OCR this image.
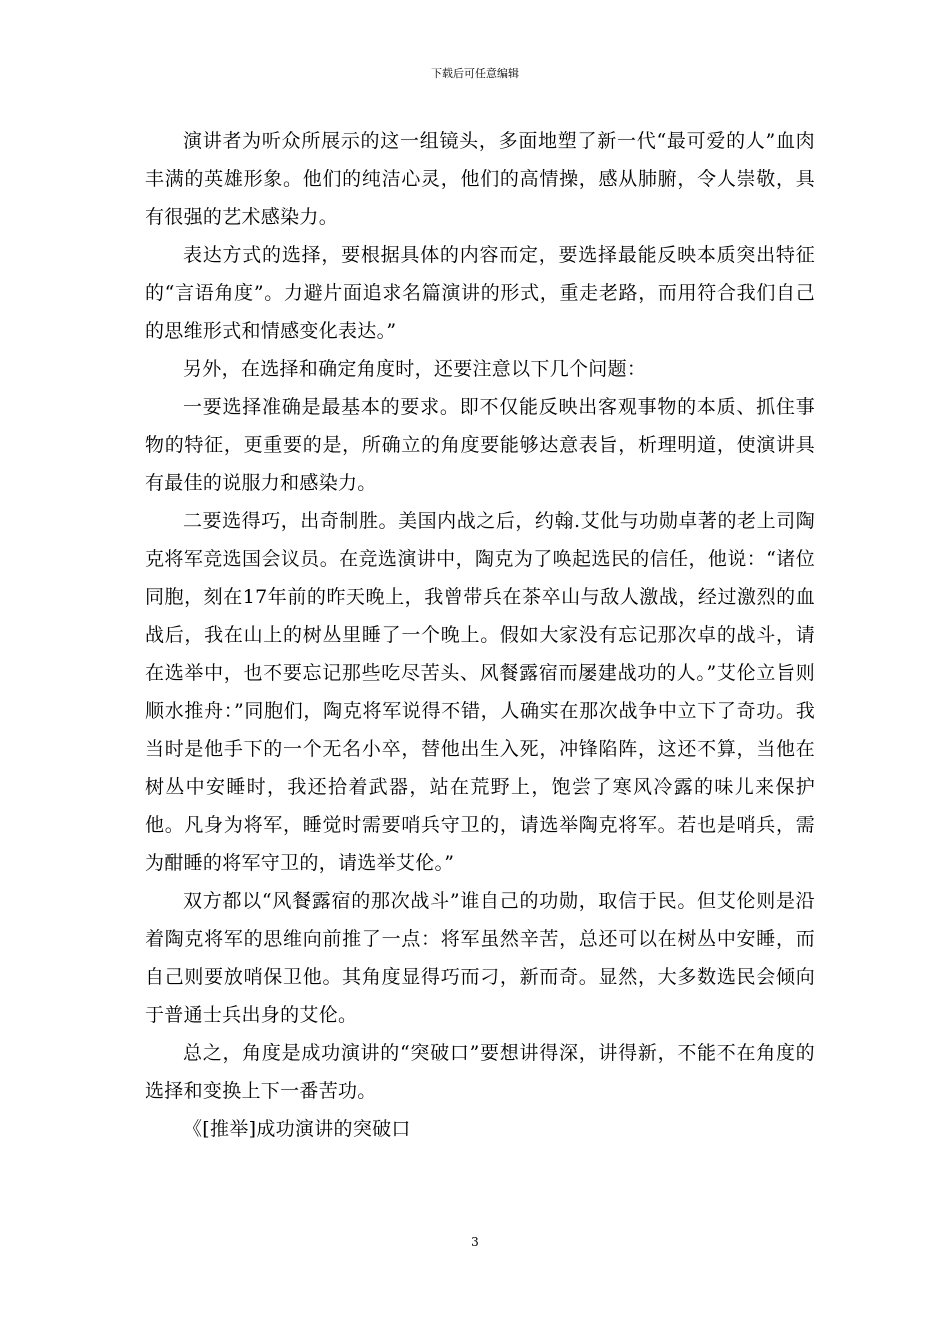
下载后可任意编辑

演讲者为听众所展示的这一组镜头，多面地塑了新一代“最可爱的人”血肉丰满的英雄形象。他们的纯洁心灵，他们的高情操，感从肺腑，令人崇敬，具有很强的艺术感染力。

表达方式的选择，要根据具体的内容而定，要选择最能反映本质突出特征的“言语角度”。力避片面追求名篇演讲的形式，重走老路，而用符合我们自己的思维形式和情感变化表达。”

另外，在选择和确定角度时，还要注意以下几个问题：

一要选择准确是最基本的要求。即不仅能反映出客观事物的本质、抓住事物的特征，更重要的是，所确立的角度要能够达意表旨，析理明道，使演讲具有最佳的说服力和感染力。

二要选得巧，出奇制胜。美国内战之后，约翰.艾仳与功勋卓著的老上司陶克将军竞选国会议员。在竞选演讲中，陶克为了唤起选民的信任，他说：“诸位同胞，刻在17年前的昨天晚上，我曾带兵在茶卒山与敌人激战，经过激烈的血战后，我在山上的树丛里睡了一个晚上。假如大家没有忘记那次卓的战斗，请在选举中，也不要忘记那些吃尽苦头、风餐露宿而屡建战功的人。”艾伦立旨则顺水推舟：”同胞们，陶克将军说得不错，人确实在那次战争中立下了奇功。我当时是他手下的一个无名小卒，替他出生入死，冲锋陷阵，这还不算，当他在树丛中安睡时，我还拾着武器，站在荒野上，饱尝了寒风冷露的味儿来保护他。凡身为将军，睡觉时需要哨兵守卫的，请选举陶克将军。若也是哨兵，需为酣睡的将军守卫的，请选举艾伦。”

双方都以“风餐露宿的那次战斗”谁自己的功勋，取信于民。但艾伦则是沿着陶克将军的思维向前推了一点：将军虽然辛苦，总还可以在树丛中安睡，而自己则要放哨保卫他。其角度显得巧而刁，新而奇。显然，大多数选民会倾向于普通士兵出身的艾伦。

总之，角度是成功演讲的“突破口”要想讲得深，讲得新，不能不在角度的选择和变换上下一番苦功。

《[推举]成功演讲的突破口

3
